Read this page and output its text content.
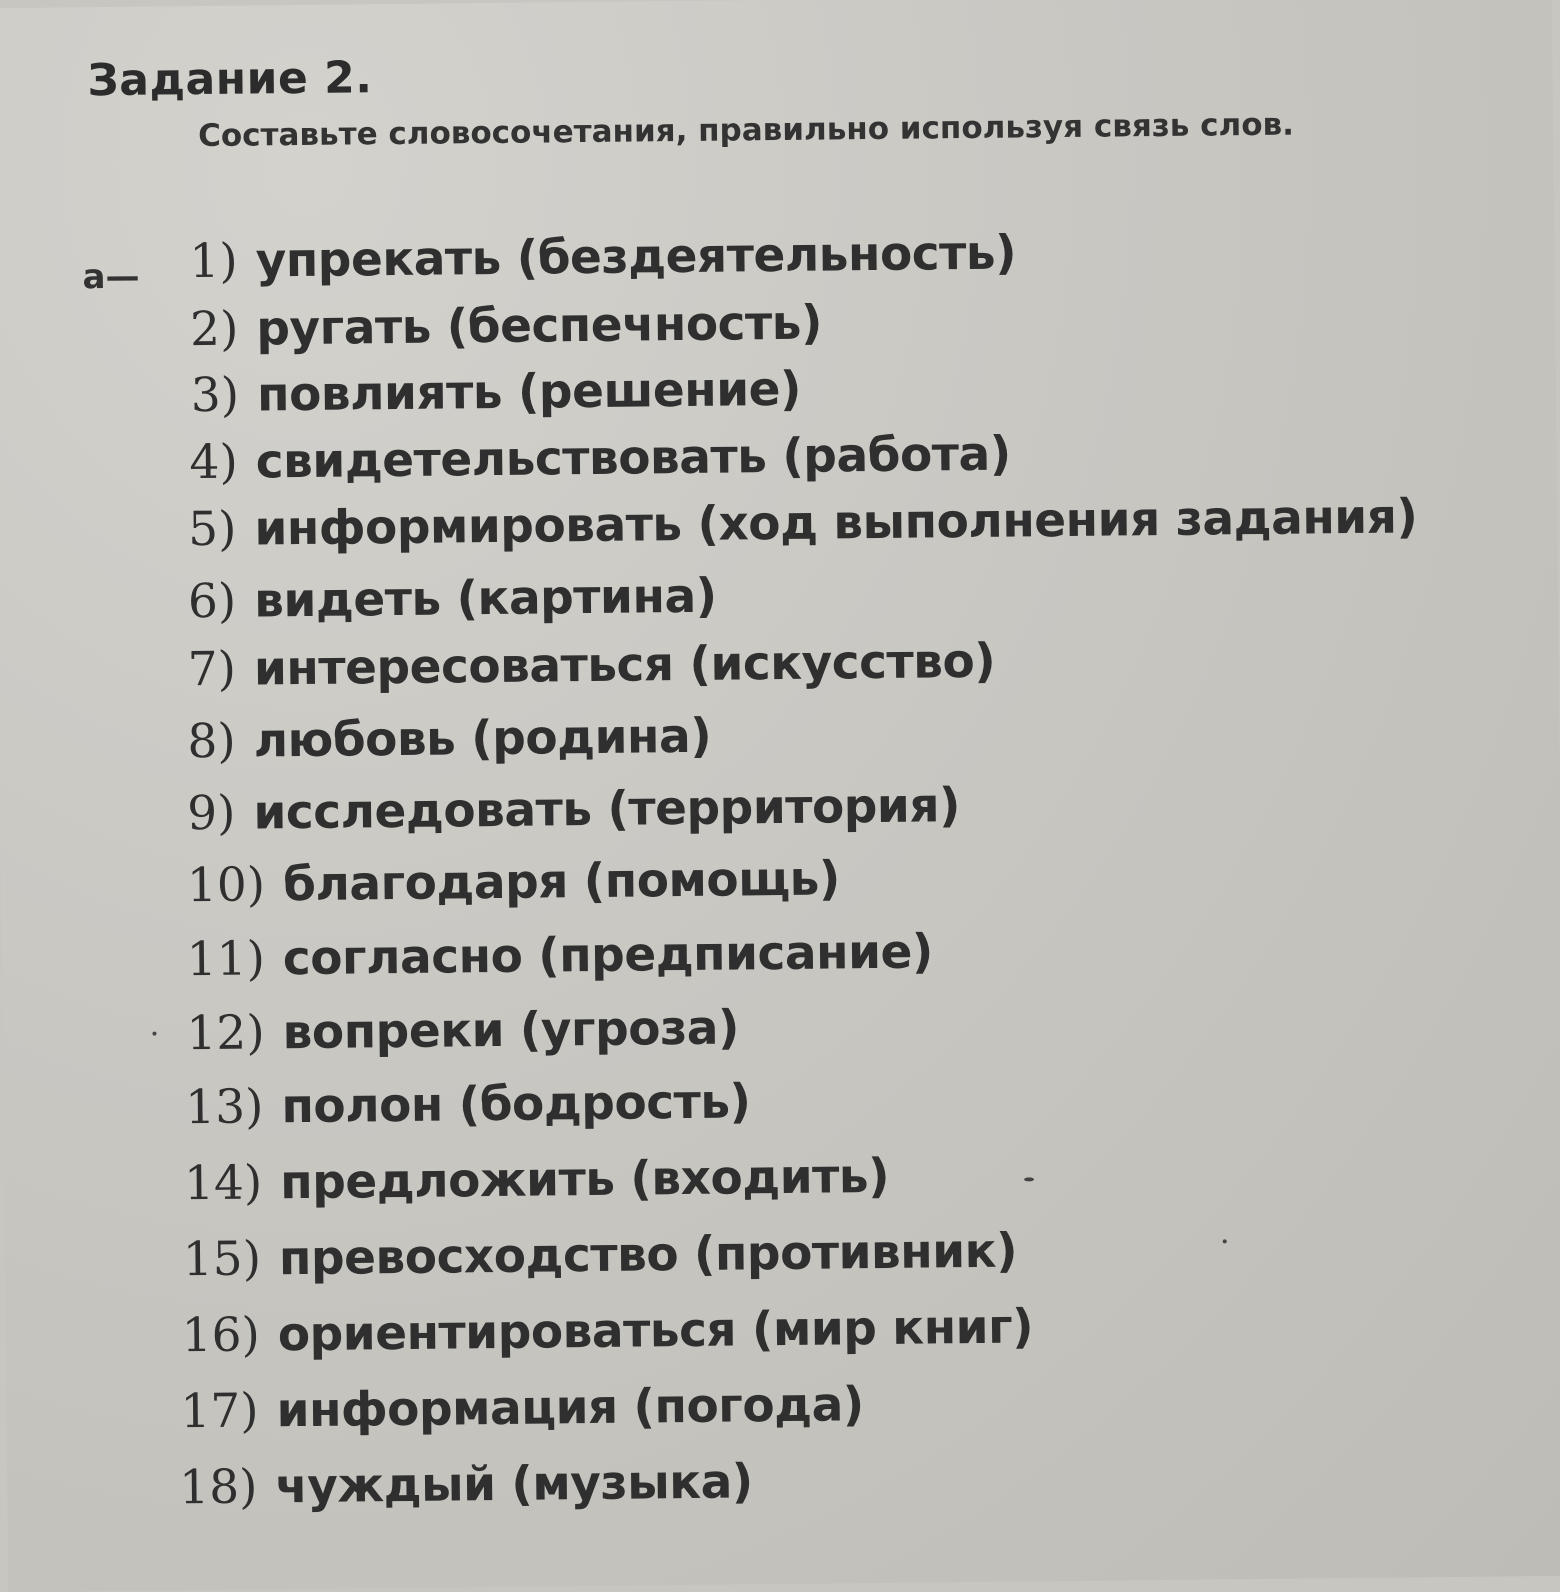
Задание 2.
Составьте словосочетания, правильно используя связь слов.
а— 1) упрекать (бездеятельность)
2) ругать (беспечность)
3) повлиять (решение)
4) свидетельствовать (работа)
5) информировать (ход выполнения задания)
6) видеть (картина)
7) интересоваться (искусство)
8) любовь (родина)
9) исследовать (территория)
10) благодаря (помощь)
11) согласно (предписание)
12) вопреки (угроза)
13) полон (бодрость)
14) предложить (входить)
15) превосходство (противник)
16) ориентироваться (мир книг)
17) информация (погода)
18) чуждый (музыка)
